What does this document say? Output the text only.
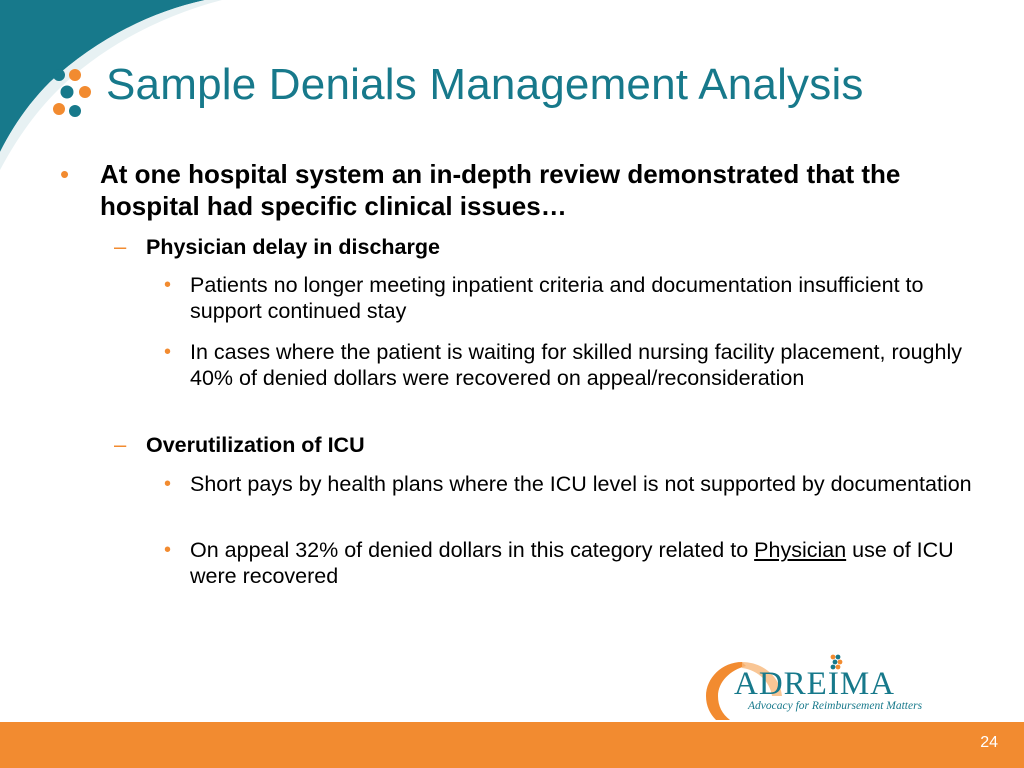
Sample Denials Management Analysis
• At one hospital system an in-depth review demonstrated that the hospital had specific clinical issues…
– Physician delay in discharge
• Patients no longer meeting inpatient criteria and documentation insufficient to support continued stay
• In cases where the patient is waiting for skilled nursing facility placement, roughly 40% of denied dollars were recovered on appeal/reconsideration
– Overutilization of ICU
• Short pays by health plans where the ICU level is not supported by documentation
• On appeal 32% of denied dollars in this category related to Physician use of ICU were recovered
ADREIMA
Advocacy for Reimbursement Matters
24
